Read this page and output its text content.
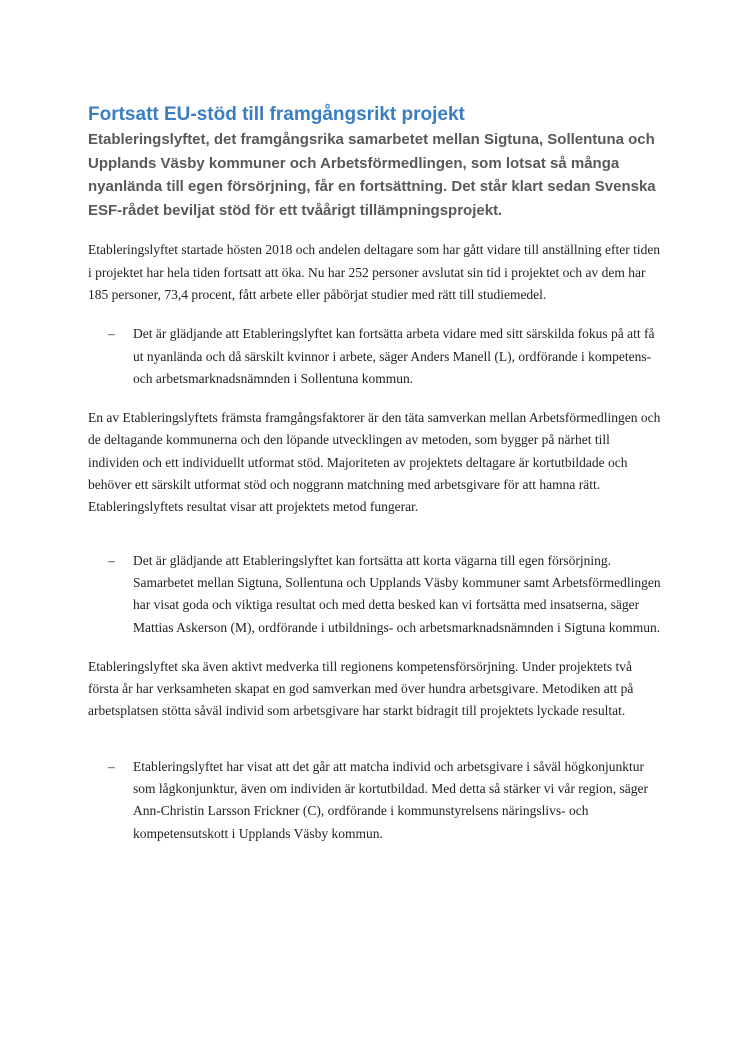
Fortsatt EU-stöd till framgångsrikt projekt

Etableringslyftet, det framgångsrika samarbetet mellan Sigtuna, Sollentuna och Upplands Väsby kommuner och Arbetsförmedlingen, som lotsat så många nyanlända till egen försörjning, får en fortsättning. Det står klart sedan Svenska ESF-rådet beviljat stöd för ett tvåårigt tillämpningsprojekt.

Etableringslyftet startade hösten 2018 och andelen deltagare som har gått vidare till anställning efter tiden i projektet har hela tiden fortsatt att öka. Nu har 252 personer avslutat sin tid i projektet och av dem har 185 personer, 73,4 procent, fått arbete eller påbörjat studier med rätt till studiemedel.

– Det är glädjande att Etableringslyftet kan fortsätta arbeta vidare med sitt särskilda fokus på att få ut nyanlända och då särskilt kvinnor i arbete, säger Anders Manell (L), ordförande i kompetens- och arbetsmarknadsnämnden i Sollentuna kommun.

En av Etableringslyftets främsta framgångsfaktorer är den täta samverkan mellan Arbetsförmedlingen och de deltagande kommunerna och den löpande utvecklingen av metoden, som bygger på närhet till individen och ett individuellt utformat stöd. Majoriteten av projektets deltagare är kortutbildade och behöver ett särskilt utformat stöd och noggrann matchning med arbetsgivare för att hamna rätt. Etableringslyftets resultat visar att projektets metod fungerar.

– Det är glädjande att Etableringslyftet kan fortsätta att korta vägarna till egen försörjning. Samarbetet mellan Sigtuna, Sollentuna och Upplands Väsby kommuner samt Arbetsförmedlingen har visat goda och viktiga resultat och med detta besked kan vi fortsätta med insatserna, säger Mattias Askerson (M), ordförande i utbildnings- och arbetsmarknadsnämnden i Sigtuna kommun.

Etableringslyftet ska även aktivt medverka till regionens kompetensförsörjning. Under projektets två första år har verksamheten skapat en god samverkan med över hundra arbetsgivare. Metodiken att på arbetsplatsen stötta såväl individ som arbetsgivare har starkt bidragit till projektets lyckade resultat.

– Etableringslyftet har visat att det går att matcha individ och arbetsgivare i såväl högkonjunktur som lågkonjunktur, även om individen är kortutbildad. Med detta så stärker vi vår region, säger Ann-Christin Larsson Frickner (C), ordförande i kommunstyrelsens näringslivs- och kompetensutskott i Upplands Väsby kommun.
